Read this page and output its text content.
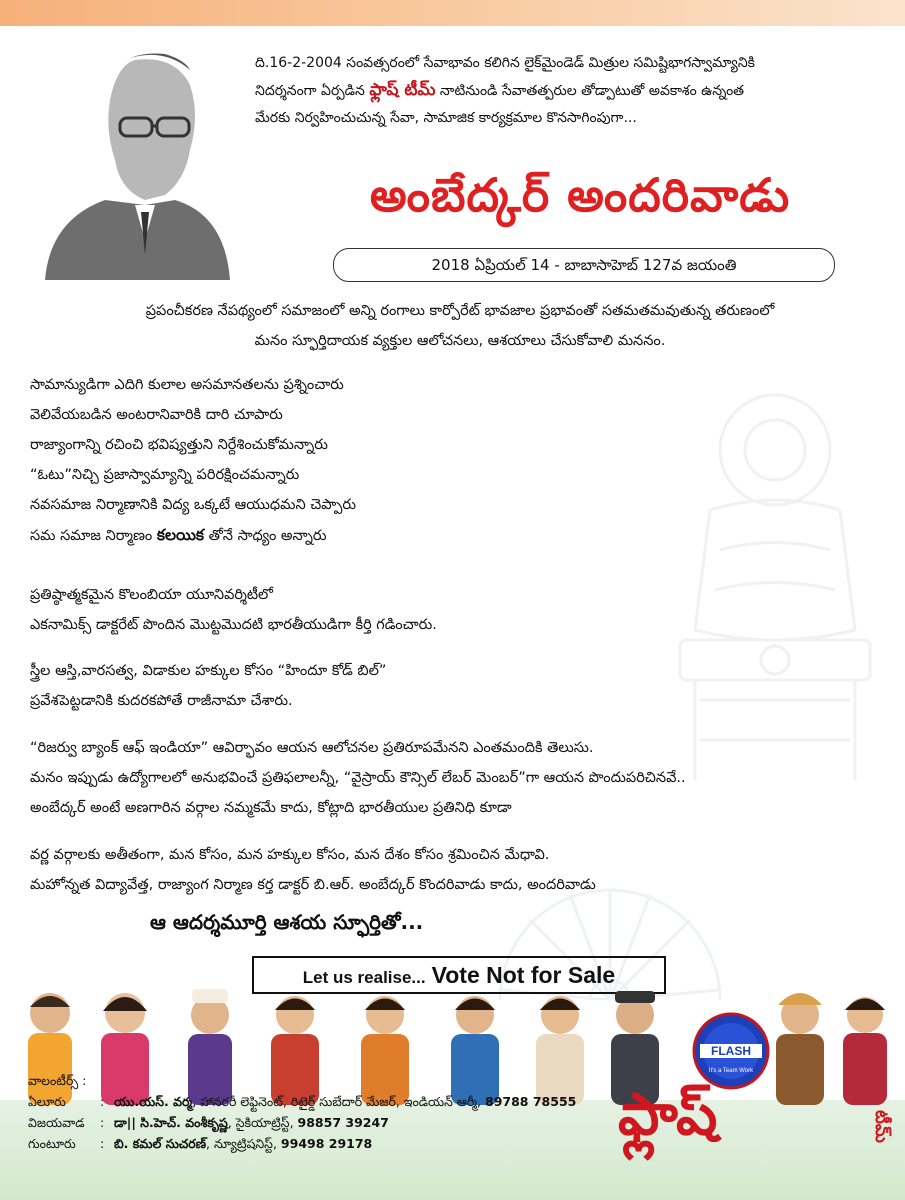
ది.16-2-2004 సంవత్సరంలో సేవాభావం కలిగిన లైక్‌మైండెడ్ మిత్రుల సమిష్టిభాగస్వామ్యానికి

నిదర్శనంగా ఏర్పడిన ఫ్లాష్ టీమ్ నాటినుండి సేవాతత్పరుల తోడ్పాటుతో అవకాశం ఉన్నంత

మేరకు నిర్వహించుచున్న సేవా, సామాజిక కార్యక్రమాల కొనసాగింపుగా...

అంబేద్కర్ అందరివాడు
2018 ఏప్రియల్ 14 - బాబాసాహెబ్ 127వ జయంతి

ప్రపంచీకరణ నేపథ్యంలో సమాజంలో అన్ని రంగాలు కార్పోరేట్ భావజాల ప్రభావంతో సతమతమవుతున్న తరుణంలో

మనం స్ఫూర్తిదాయక వ్యక్తుల ఆలోచనలు, ఆశయాలు చేసుకోవాలి మననం.

సామాన్యుడిగా ఎదిగి కులాల అసమానతలను ప్రశ్నించారు

వెలివేయబడిన అంటరానివారికి దారి చూపారు

రాజ్యాంగాన్ని రచించి భవిష్యత్తుని నిర్దేశించుకోమన్నారు

“ఓటు”నిచ్చి ప్రజాస్వామ్యాన్ని పరిరక్షించమన్నారు

నవసమాజ నిర్మాణానికి విద్య ఒక్కటే ఆయుధమని చెప్పారు

సమ సమాజ నిర్మాణం కలయిక తోనే సాధ్యం అన్నారు

ప్రతిష్ఠాత్మకమైన కొలంబియా యూనివర్శిటీలో

ఎకనామిక్స్ డాక్టరేట్ పొందిన మొట్టమొదటి భారతీయుడిగా కీర్తి గడించారు.

స్త్రీల ఆస్తి,వారసత్వ, విడాకుల హక్కుల కోసం “హిందూ కోడ్ బిల్”

ప్రవేశపెట్టడానికి కుదరకపోతే రాజీనామా చేశారు.

“రిజర్వు బ్యాంక్ ఆఫ్ ఇండియా” ఆవిర్భావం ఆయన ఆలోచనల ప్రతిరూపమేనని ఎంతమందికి తెలుసు.

మనం ఇప్పుడు ఉద్యోగాలలో అనుభవించే ప్రతిఫలాలన్నీ, “వైస్రాయ్ కౌన్సిల్ లేబర్ మెంబర్”గా ఆయన పొందుపరిచినవే..

అంబేద్కర్ అంటే అణగారిన వర్గాల నమ్మకమే కాదు, కోట్లాది భారతీయుల ప్రతినిధి కూడా

వర్ణ వర్గాలకు అతీతంగా, మన కోసం, మన హక్కుల కోసం, మన దేశం కోసం శ్రమించిన మేధావి.

మహోన్నత విద్యావేత్త, రాజ్యాంగ నిర్మాణ కర్త డాక్టర్ బి.ఆర్. అంబేద్కర్ కొందరివాడు కాదు, అందరివాడు

ఆ ఆదర్శమూర్తి ఆశయ స్ఫూర్తితో...
Let us realise... Vote Not for Sale
FLASH
It's a Team Work
ఫ్లాష్	టీమ్
వాలంటీర్స్ :
ఏలూరు	: యు.యస్. వర్మ, హానరరీ లెఫ్టినెంట్, రిటైర్డ్ సుబేదార్ మేజర్, ఇండియన్ ఆర్మీ, 89788 78555
విజయవాడ	: డా|| సి.హెచ్. వంశీకృష్ణ, సైకియాట్రిస్ట్, 98857 39247
గుంటూరు	: బి. కమల్ సుచరణ్, న్యూట్రిషనిస్ట్, 99498 29178
